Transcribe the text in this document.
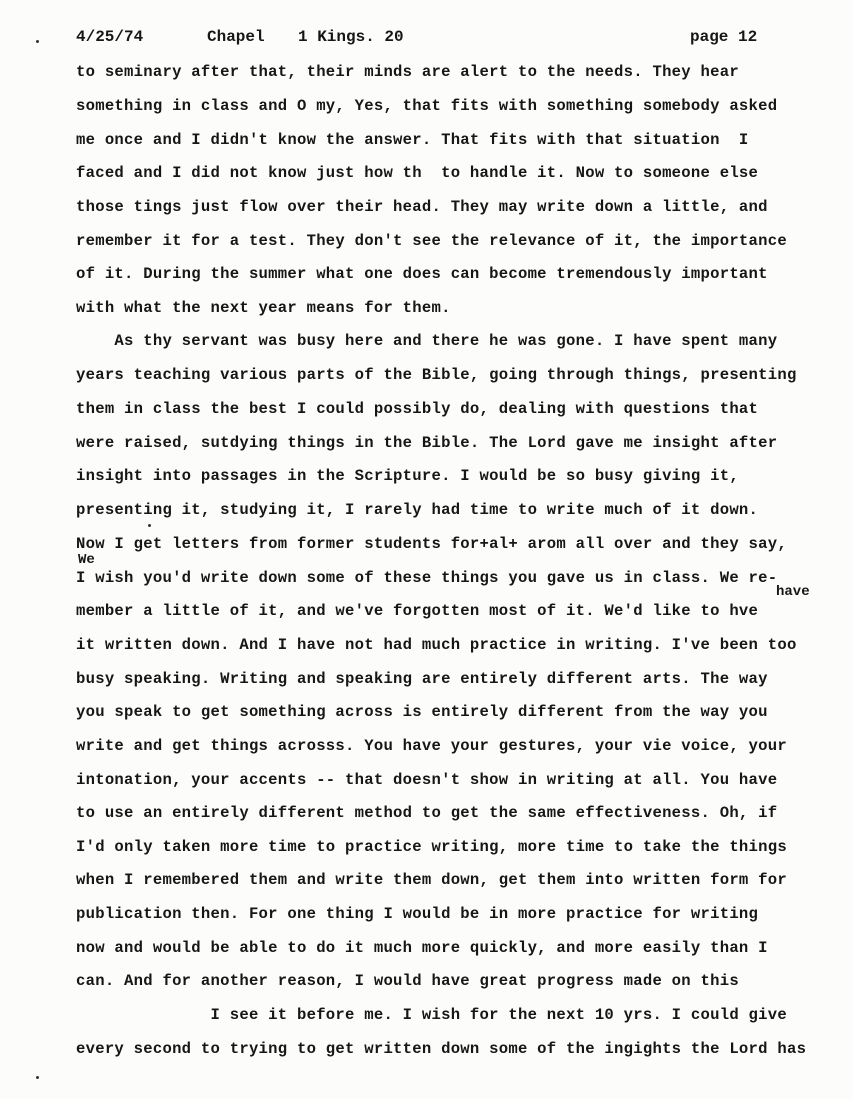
4/25/74	Chapel 1 Kings. 20	page 12
to seminary after that, their minds are alert to the needs. They hear
something in class and O my, Yes, that fits with something somebody asked
me once and I didn't know the answer. That fits with that situation  I
faced and I did not know just how th  to handle it. Now to someone else
those tings just flow over their head. They may write down a little, and
remember it for a test. They don't see the relevance of it, the importance
of it. During the summer what one does can become tremendously important
with what the next year means for them.
As thy servant was busy here and there he was gone. I have spent many
years teaching various parts of the Bible, going through things, presenting
them in class the best I could possibly do, dealing with questions that
were raised, sutdying things in the Bible. The Lord gave me insight after
insight into passages in the Scripture. I would be so busy giving it,
presenting it, studying it, I rarely had time to write much of it down.
Now I get letters from former students for+al+ arom all over and they say,
We
I wish you'd write down some of these things you gave us in class. We re-
have
member a little of it, and we've forgotten most of it. We'd like to hve
it written down. And I have not had much practice in writing. I've been too
busy speaking. Writing and speaking are entirely different arts. The way
you speak to get something across is entirely different from the way you
write and get things acrosss. You have your gestures, your vie voice, your
intonation, your accents -- that doesn't show in writing at all. You have
to use an entirely different method to get the same effectiveness. Oh, if
I'd only taken more time to practice writing, more time to take the things
when I remembered them and write them down, get them into written form for
publication then. For one thing I would be in more practice for writing
now and would be able to do it much more quickly, and more easily than I
can. And for another reason, I would have great progress made on this
I see it before me. I wish for the next 10 yrs. I could give
every second to trying to get written down some of the ingights the Lord has
